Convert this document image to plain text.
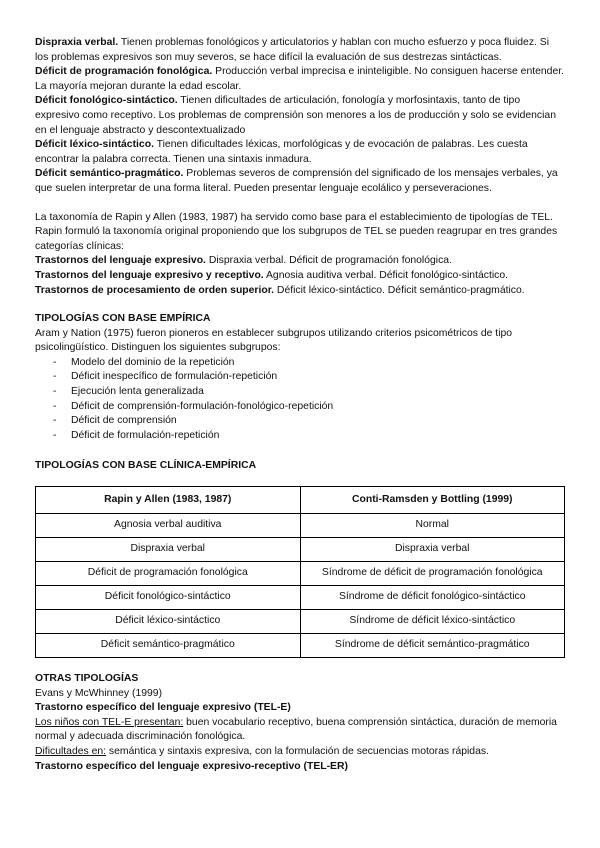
Dispraxia verbal. Tienen problemas fonológicos y articulatorios y hablan con mucho esfuerzo y poca fluidez. Si los problemas expresivos son muy severos, se hace difícil la evaluación de sus destrezas sintácticas.

Déficit de programación fonológica. Producción verbal imprecisa e ininteligible. No consiguen hacerse entender. La mayoría mejoran durante la edad escolar.

Déficit fonológico-sintáctico. Tienen dificultades de articulación, fonología y morfosintaxis, tanto de tipo expresivo como receptivo. Los problemas de comprensión son menores a los de producción y solo se evidencian en el lenguaje abstracto y descontextualizado

Déficit léxico-sintáctico. Tienen dificultades léxicas, morfológicas y de evocación de palabras. Les cuesta encontrar la palabra correcta. Tienen una sintaxis inmadura.

Déficit semántico-pragmático. Problemas severos de comprensión del significado de los mensajes verbales, ya que suelen interpretar de una forma literal. Pueden presentar lenguaje ecolálico y perseveraciones.

La taxonomía de Rapin y Allen (1983, 1987) ha servido como base para el establecimiento de tipologías de TEL. Rapin formuló la taxonomía original proponiendo que los subgrupos de TEL se pueden reagrupar en tres grandes categorías clínicas:

Trastornos del lenguaje expresivo. Dispraxia verbal. Déficit de programación fonológica.

Trastornos del lenguaje expresivo y receptivo. Agnosia auditiva verbal. Déficit fonológico-sintáctico.

Trastornos de procesamiento de orden superior. Déficit léxico-sintáctico. Déficit semántico-pragmático.

TIPOLOGÍAS CON BASE EMPÍRICA

Aram y Nation (1975) fueron pioneros en establecer subgrupos utilizando criterios psicométricos de tipo psicolingüístico. Distinguen los siguientes subgrupos:

- Modelo del dominio de la repetición
- Déficit inespecífico de formulación-repetición
- Ejecución lenta generalizada
- Déficit de comprensión-formulación-fonológico-repetición
- Déficit de comprensión
- Déficit de formulación-repetición

TIPOLOGÍAS CON BASE CLÍNICA-EMPÍRICA

Rapin y Allen (1983, 1987)	Conti-Ramsden y Bottling (1999)
Agnosia verbal auditiva	Normal
Dispraxia verbal	Dispraxia verbal
Déficit de programación fonológica	Síndrome de déficit de programación fonológica
Déficit fonológico-sintáctico	Síndrome de déficit fonológico-sintáctico
Déficit léxico-sintáctico	Síndrome de déficit léxico-sintáctico
Déficit semántico-pragmático	Síndrome de déficit semántico-pragmático

OTRAS TIPOLOGÍAS

Evans y McWhinney (1999)

Trastorno específico del lenguaje expresivo (TEL-E)

Los niños con TEL-E presentan: buen vocabulario receptivo, buena comprensión sintáctica, duración de memoria normal y adecuada discriminación fonológica.

Dificultades en: semántica y sintaxis expresiva, con la formulación de secuencias motoras rápidas.

Trastorno específico del lenguaje expresivo-receptivo (TEL-ER)
